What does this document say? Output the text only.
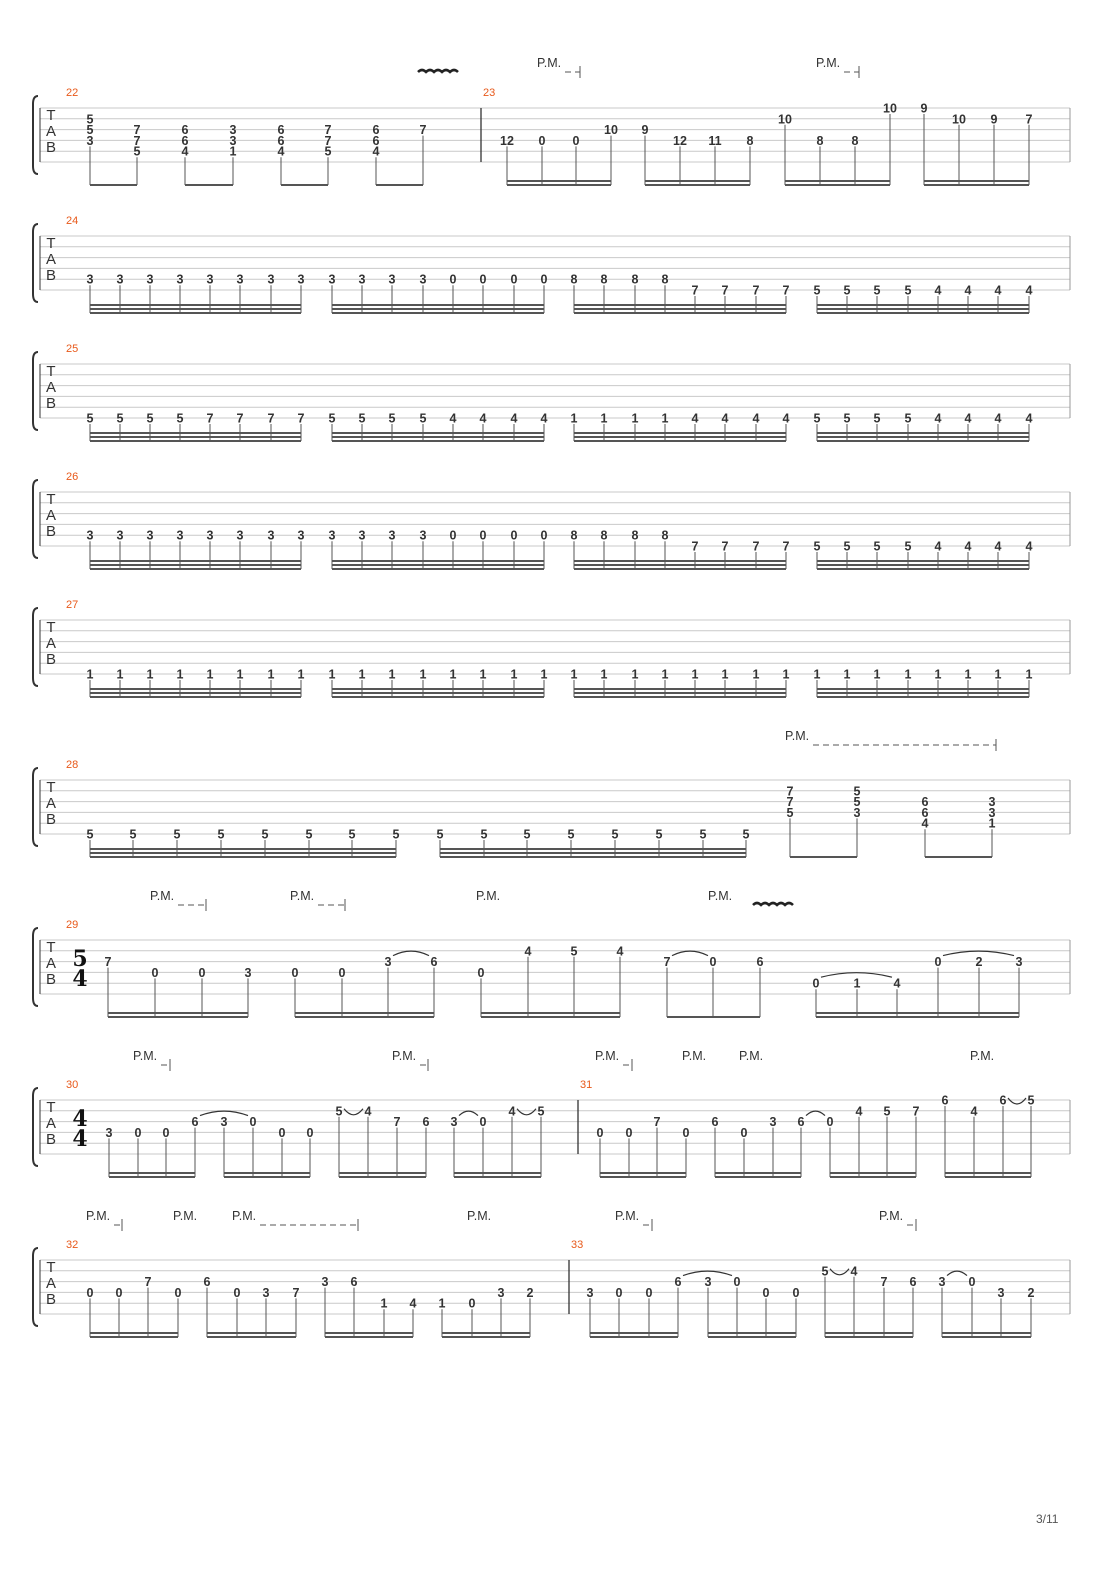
T
A
B
22
5
5
3
7
7
5
6
6
4
3
3
1
6
6
4
7
7
5
6
6
4
7
23
12 0 0
10 9
12 11 8
10
8 8
10 9
10 9 7
P.M.	P.M.
T
A
B
24
3 3 3 3 3 3 3 3 3 3 3 3 0 0 0 0 8 8 8 8
7 7 7 7 5 5 5 5 4 4 4 4
T
A
B
25
5 5 5 5 7 7 7 7 5 5 5 5 4 4 4 4 1 1 1 1 4 4 4 4 5 5 5 5 4 4 4 4
T
A
B
26
3 3 3 3 3 3 3 3 3 3 3 3 0 0 0 0 8 8 8 8
7 7 7 7 5 5 5 5 4 4 4 4
T
A
B
27
1 1 1 1 1 1 1 1 1 1 1 1 1 1 1 1 1 1 1 1 1 1 1 1 1 1 1 1 1 1 1 1
T
A
B
28
5	5	5	5	5	5	5	5	5	5	5	5	5	5	5	5
7
7
5
5
5
3
6
6
4
3
3
1
P.M.
T
A
B
29
5
4
7
0	0	3	0	0
3	6
0
4	5	4
7	0	6
0	1	4
0	2	3
P.M.	P.M.	P.M.	P.M.
T
A
B
30
4
4 3 0 0
6 3 0
0 0
5 4
7 6 3 0
4 5
31
0 0
7
0
6
0
3 6 0
4 5 7
6
4
6 5
P.M.	P.M.	P.M.	P.M.	P.M.	P.M.
T
A
B
32
0 0
7
0
6
0 3 7
3 6
1 4 1 0
3 2
33
3 0 0
6 3 0
0 0
5 4
7 6 3 0
3 2
P.M.	P.M.	P.M.	P.M.	P.M.	P.M.
3/11
